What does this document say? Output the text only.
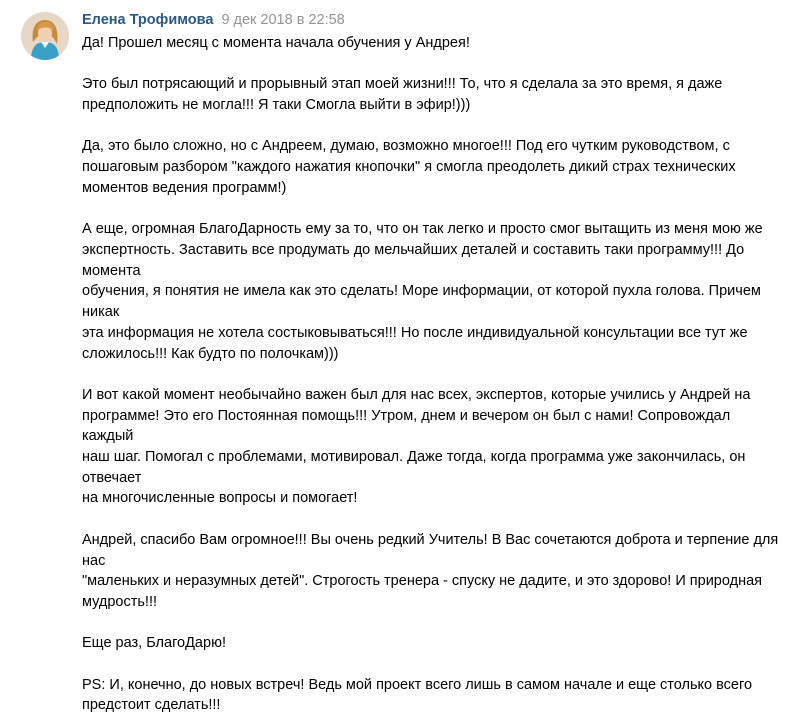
Елена Трофимова 9 дек 2018 в 22:58

Да! Прошел месяц с момента начала обучения у Андрея!

Это был потрясающий и прорывный этап моей жизни!!! То, что я сделала за это время, я даже
предположить не могла!!! Я таки Смогла выйти в эфир!)))

Да, это было сложно, но с Андреем, думаю, возможно многое!!! Под его чутким руководством, с
пошаговым разбором "каждого нажатия кнопочки" я смогла преодолеть дикий страх технических
моментов ведения программ!)

А еще, огромная БлагоДарность ему за то, что он так легко и просто смог вытащить из меня мою же
экспертность. Заставить все продумать до мельчайших деталей и составить таки программу!!! До момента
обучения, я понятия не имела как это сделать! Море информации, от которой пухла голова. Причем никак
эта информация не хотела состыковываться!!! Но после индивидуальной консультации все тут же
сложилось!!! Как будто по полочкам)))

И вот какой момент необычайно важен был для нас всех, экспертов, которые учились у Андрей на
программе! Это его Постоянная помощь!!! Утром, днем и вечером он был с нами! Сопровождал каждый
наш шаг. Помогал с проблемами, мотивировал. Даже тогда, когда программа уже закончилась, он отвечает
на многочисленные вопросы и помогает!

Андрей, спасибо Вам огромное!!! Вы очень редкий Учитель! В Вас сочетаются доброта и терпение для нас
"маленьких и неразумных детей". Строгость тренера - спуску не дадите, и это здорово! И природная
мудрость!!!

Еще раз, БлагоДарю!

PS: И, конечно, до новых встреч! Ведь мой проект всего лишь в самом начале и еще столько всего
предстоит сделать!!!
